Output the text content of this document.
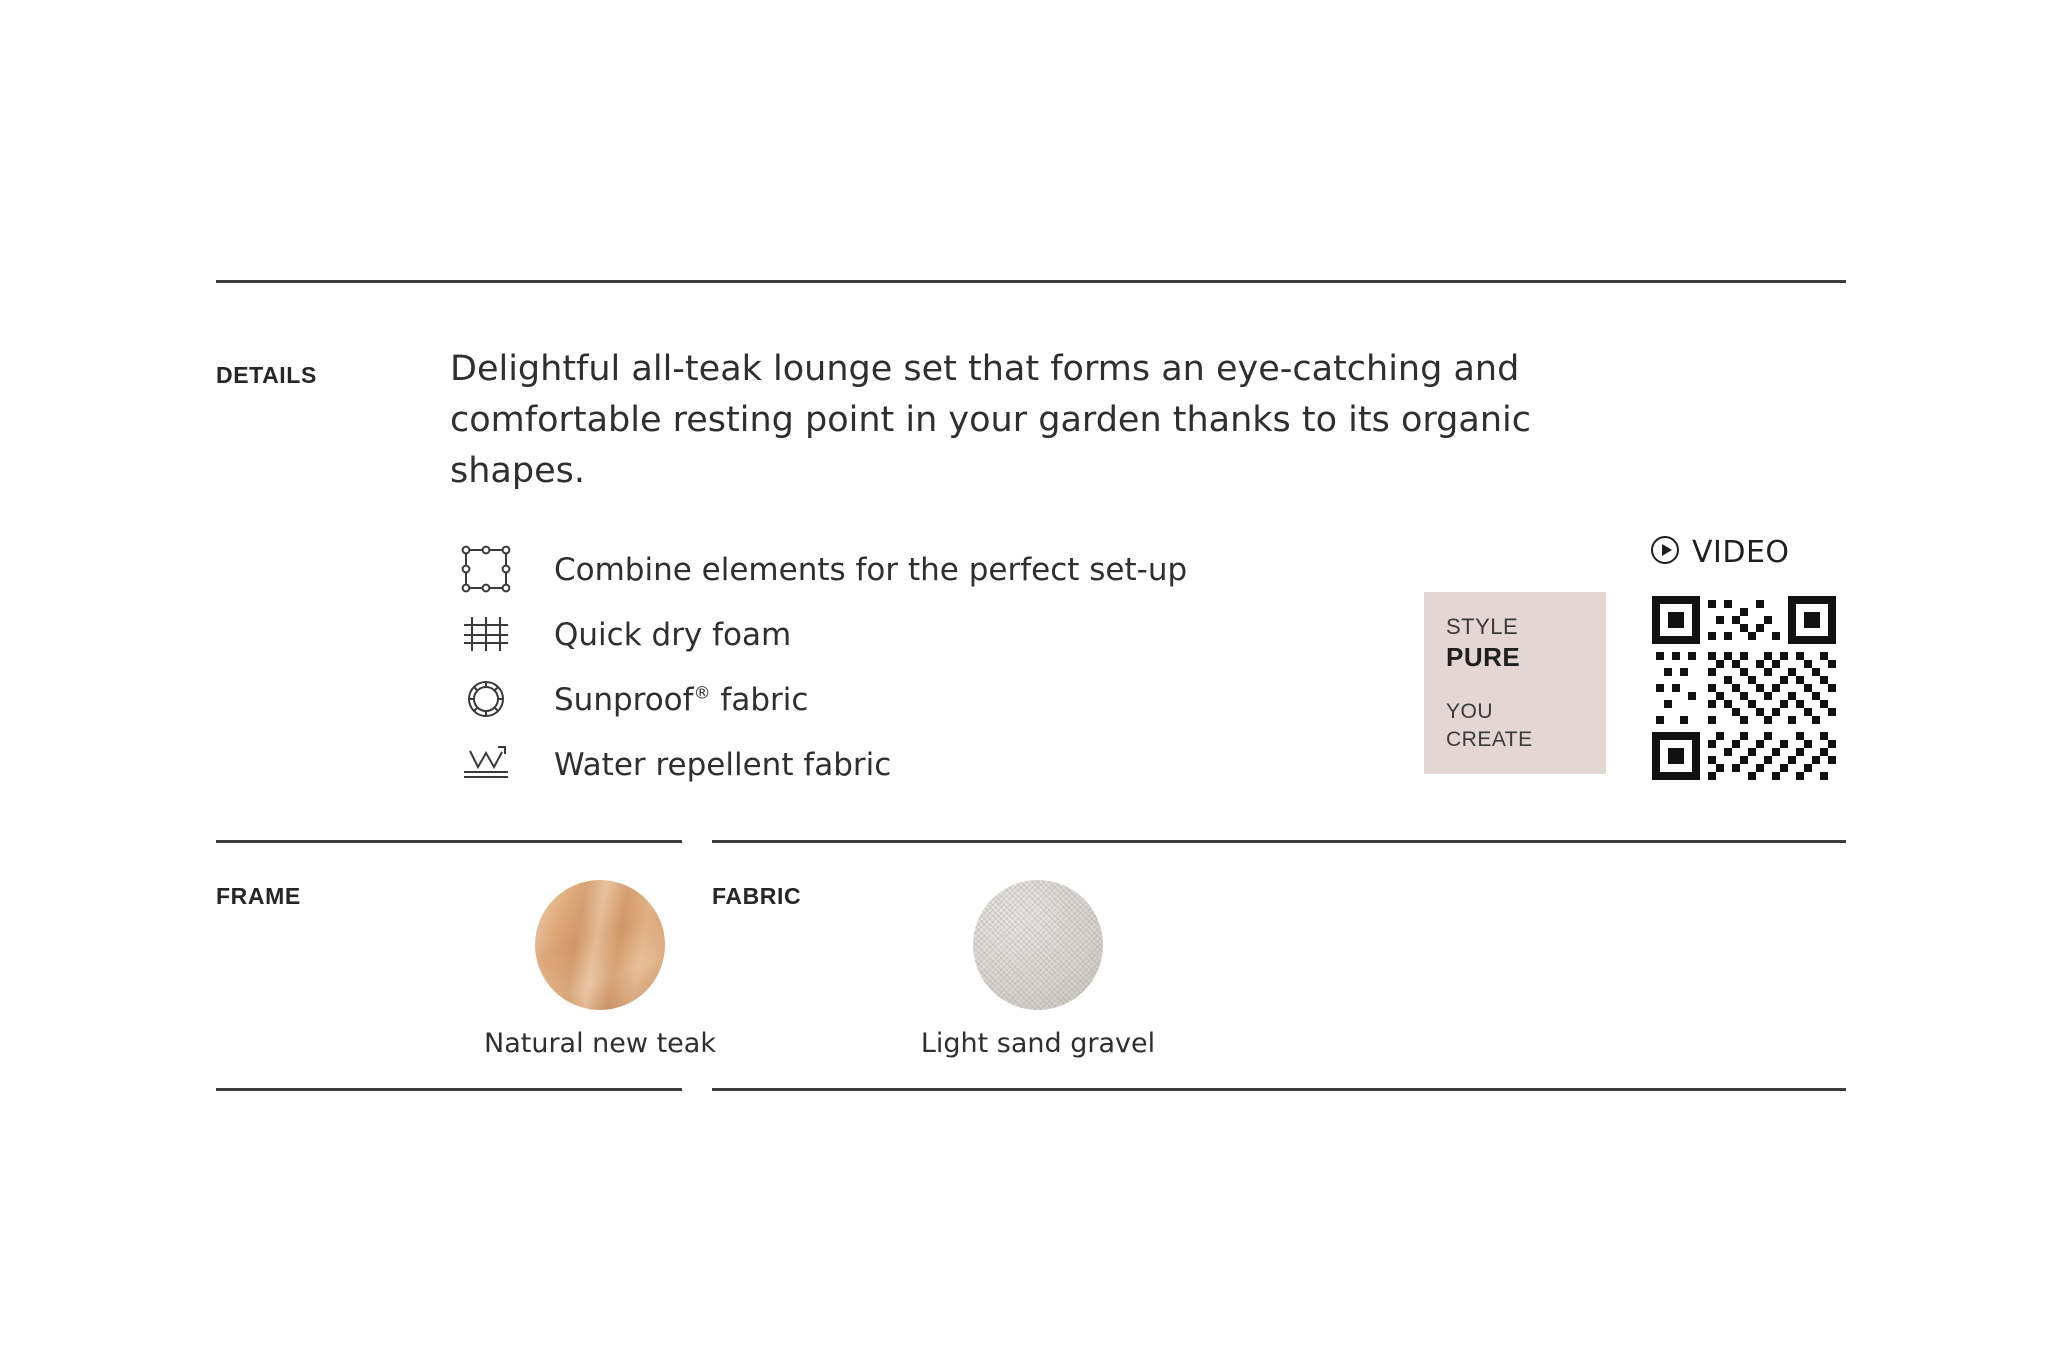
DETAILS
FRAME	FABRIC
Delightful all-teak lounge set that forms an eye-catching and comfortable resting point in your garden thanks to its organic shapes.
Combine elements for the perfect set-up
Quick dry foam
Sunproof® fabric
Water repellent fabric
STYLE
PURE
YOU
CREATE
VIDEO
Natural new teak	Light sand gravel
